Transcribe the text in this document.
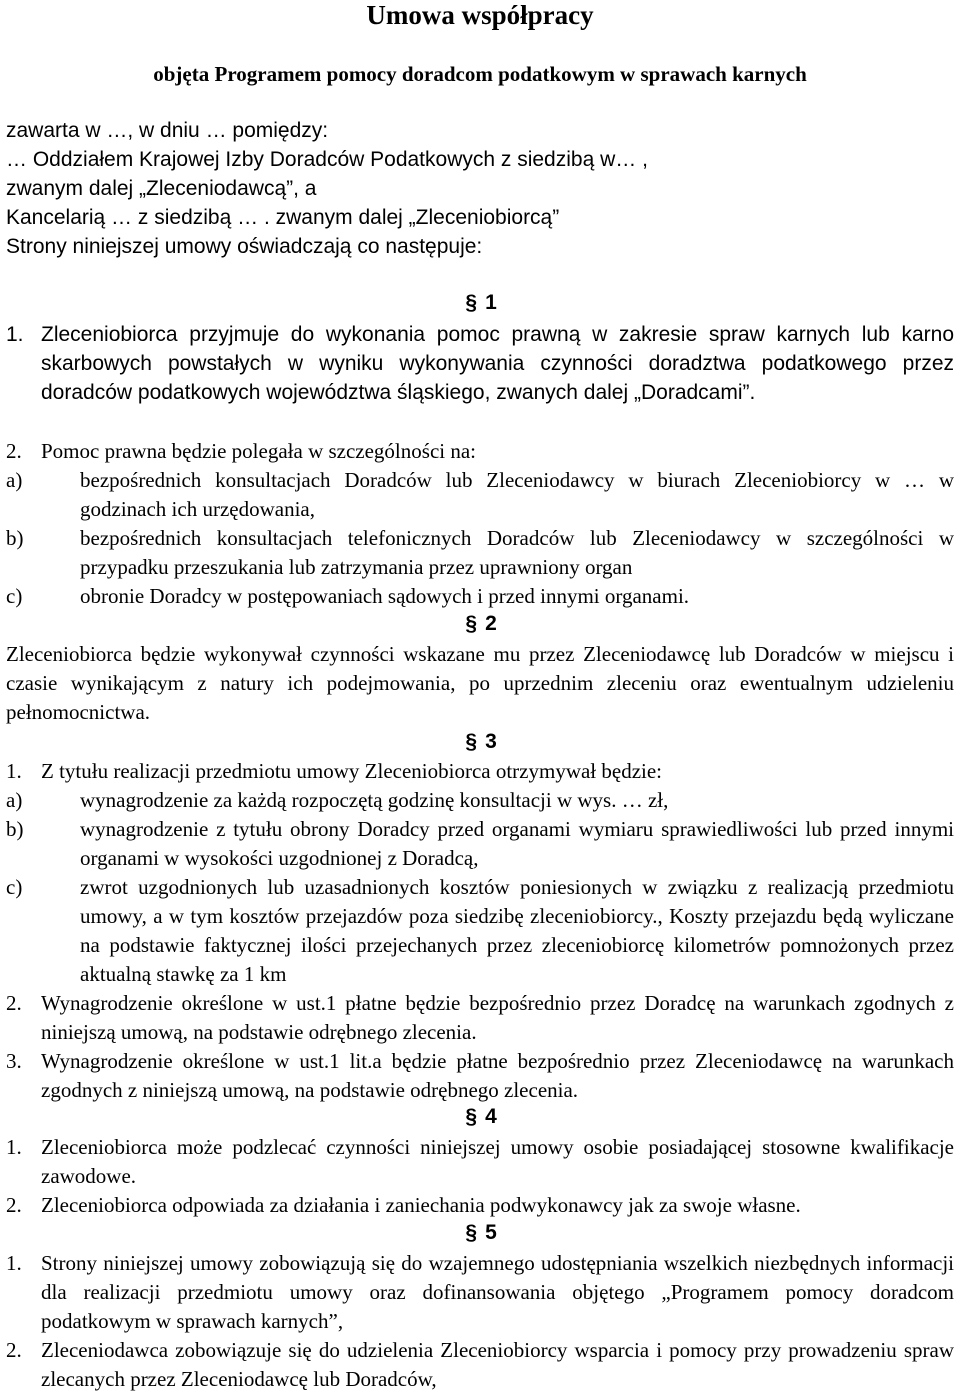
Umowa współpracy
objęta Programem pomocy doradcom podatkowym w sprawach karnych
zawarta w …, w dniu … pomiędzy:
… Oddziałem Krajowej Izby Doradców Podatkowych z siedzibą w… ,
zwanym dalej „Zleceniodawcą”, a
Kancelarią … z siedzibą … . zwanym dalej „Zleceniobiorcą”
Strony niniejszej umowy oświadczają co następuje:
§ 1
1. Zleceniobiorca przyjmuje do wykonania pomoc prawną w zakresie spraw karnych lub karno skarbowych powstałych w wyniku wykonywania czynności doradztwa podatkowego przez doradców podatkowych województwa śląskiego, zwanych dalej „Doradcami”.
2. Pomoc prawna będzie polegała w szczególności na:
a)	bezpośrednich konsultacjach Doradców lub Zleceniodawcy w biurach Zleceniobiorcy w … w godzinach ich urzędowania,
b)	bezpośrednich konsultacjach telefonicznych Doradców lub Zleceniodawcy w szczególności w przypadku przeszukania lub zatrzymania przez uprawniony organ
c)	obronie Doradcy w postępowaniach sądowych i przed innymi organami.
§ 2
Zleceniobiorca będzie wykonywał czynności wskazane mu przez Zleceniodawcę lub Doradców w miejscu i czasie wynikającym z natury ich podejmowania, po uprzednim zleceniu oraz ewentualnym udzieleniu pełnomocnictwa.
§ 3
1. Z tytułu realizacji przedmiotu umowy Zleceniobiorca otrzymywał będzie:
a)	wynagrodzenie za każdą rozpoczętą godzinę konsultacji w wys. … zł,
b)	wynagrodzenie z tytułu obrony Doradcy przed organami wymiaru sprawiedliwości lub przed innymi organami w wysokości uzgodnionej z Doradcą,
c)	zwrot uzgodnionych lub uzasadnionych kosztów poniesionych w związku z realizacją przedmiotu umowy, a w tym kosztów przejazdów poza siedzibę zleceniobiorcy., Koszty przejazdu będą wyliczane na podstawie faktycznej ilości przejechanych przez zleceniobiorcę kilometrów pomnożonych przez aktualną stawkę za 1 km
2. Wynagrodzenie określone w ust.1 płatne będzie bezpośrednio przez Doradcę na warunkach zgodnych z niniejszą umową, na podstawie odrębnego zlecenia.
3. Wynagrodzenie określone w ust.1 lit.a będzie płatne bezpośrednio przez Zleceniodawcę na warunkach zgodnych z niniejszą umową, na podstawie odrębnego zlecenia.
§ 4
1. Zleceniobiorca może podzlecać czynności niniejszej umowy osobie posiadającej stosowne kwalifikacje zawodowe.
2. Zleceniobiorca odpowiada za działania i zaniechania podwykonawcy jak za swoje własne.
§ 5
1. Strony niniejszej umowy zobowiązują się do wzajemnego udostępniania wszelkich niezbędnych informacji dla realizacji przedmiotu umowy oraz dofinansowania objętego „Programem pomocy doradcom podatkowym w sprawach karnych”,
2. Zleceniodawca zobowiązuje się do udzielenia Zleceniobiorcy wsparcia i pomocy przy prowadzeniu spraw zlecanych przez Zleceniodawcę lub Doradców,
